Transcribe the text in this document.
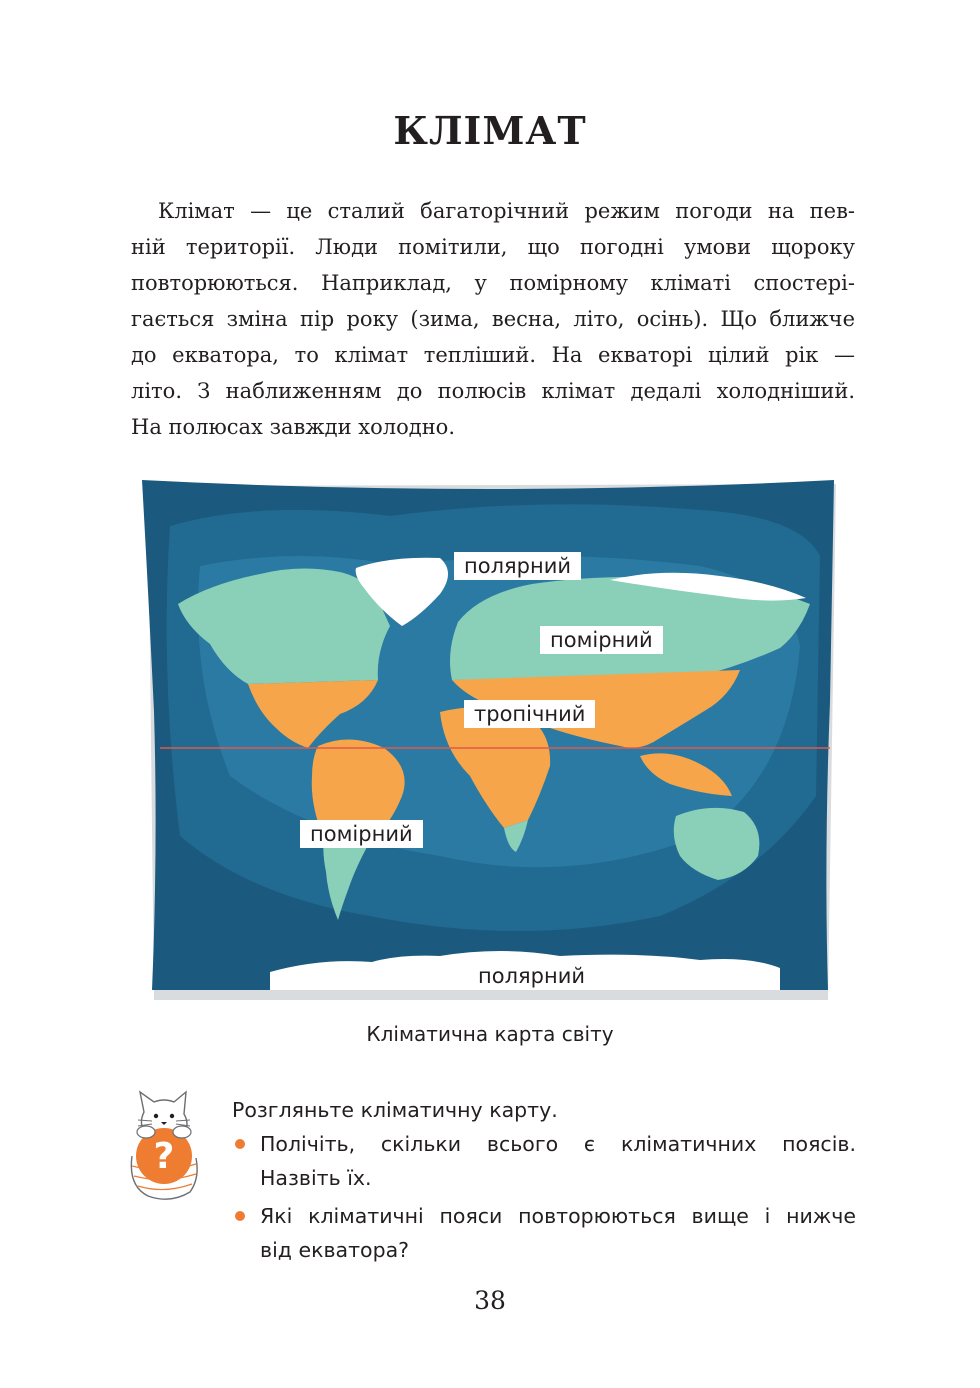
КЛІМАТ
Клімат — це сталий багаторічний режим погоди на пев-
ній території. Люди помітили, що погодні умови щороку
повторюються. Наприклад, у помірному кліматі спостері-
гається зміна пір року (зима, весна, літо, осінь). Що ближче
до екватора, то клімат тепліший. На екваторі цілий рік —
літо. З наближенням до полюсів клімат дедалі холодніший.
На полюсах завжди холодно.
полярний
помірний
тропічний
помірний
полярний
Кліматична карта світу
?
Розгляньте кліматичну карту.
Полічіть, скільки всього є кліматичних поясів.
Назвіть їх.
Які кліматичні пояси повторюються вище і нижче
від екватора?
38
